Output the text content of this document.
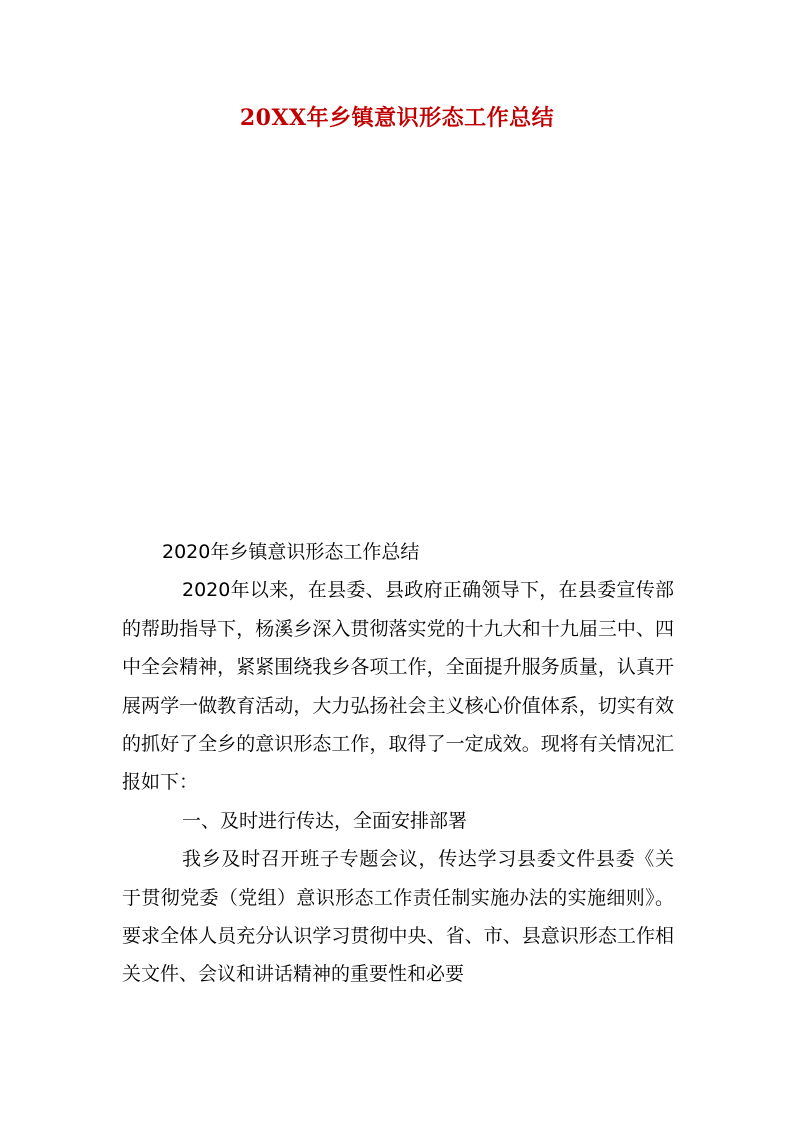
20XX年乡镇意识形态工作总结

2020年乡镇意识形态工作总结

2020年以来，在县委、县政府正确领导下，在县委宣传部的帮助指导下，杨溪乡深入贯彻落实党的十九大和十九届三中、四中全会精神，紧紧围绕我乡各项工作，全面提升服务质量，认真开展两学一做教育活动，大力弘扬社会主义核心价值体系，切实有效的抓好了全乡的意识形态工作，取得了一定成效。现将有关情况汇报如下：

一、及时进行传达，全面安排部署

我乡及时召开班子专题会议，传达学习县委文件县委《关于贯彻党委（党组）意识形态工作责任制实施办法的实施细则》。要求全体人员充分认识学习贯彻中央、省、市、县意识形态工作相关文件、会议和讲话精神的重要性和必要
